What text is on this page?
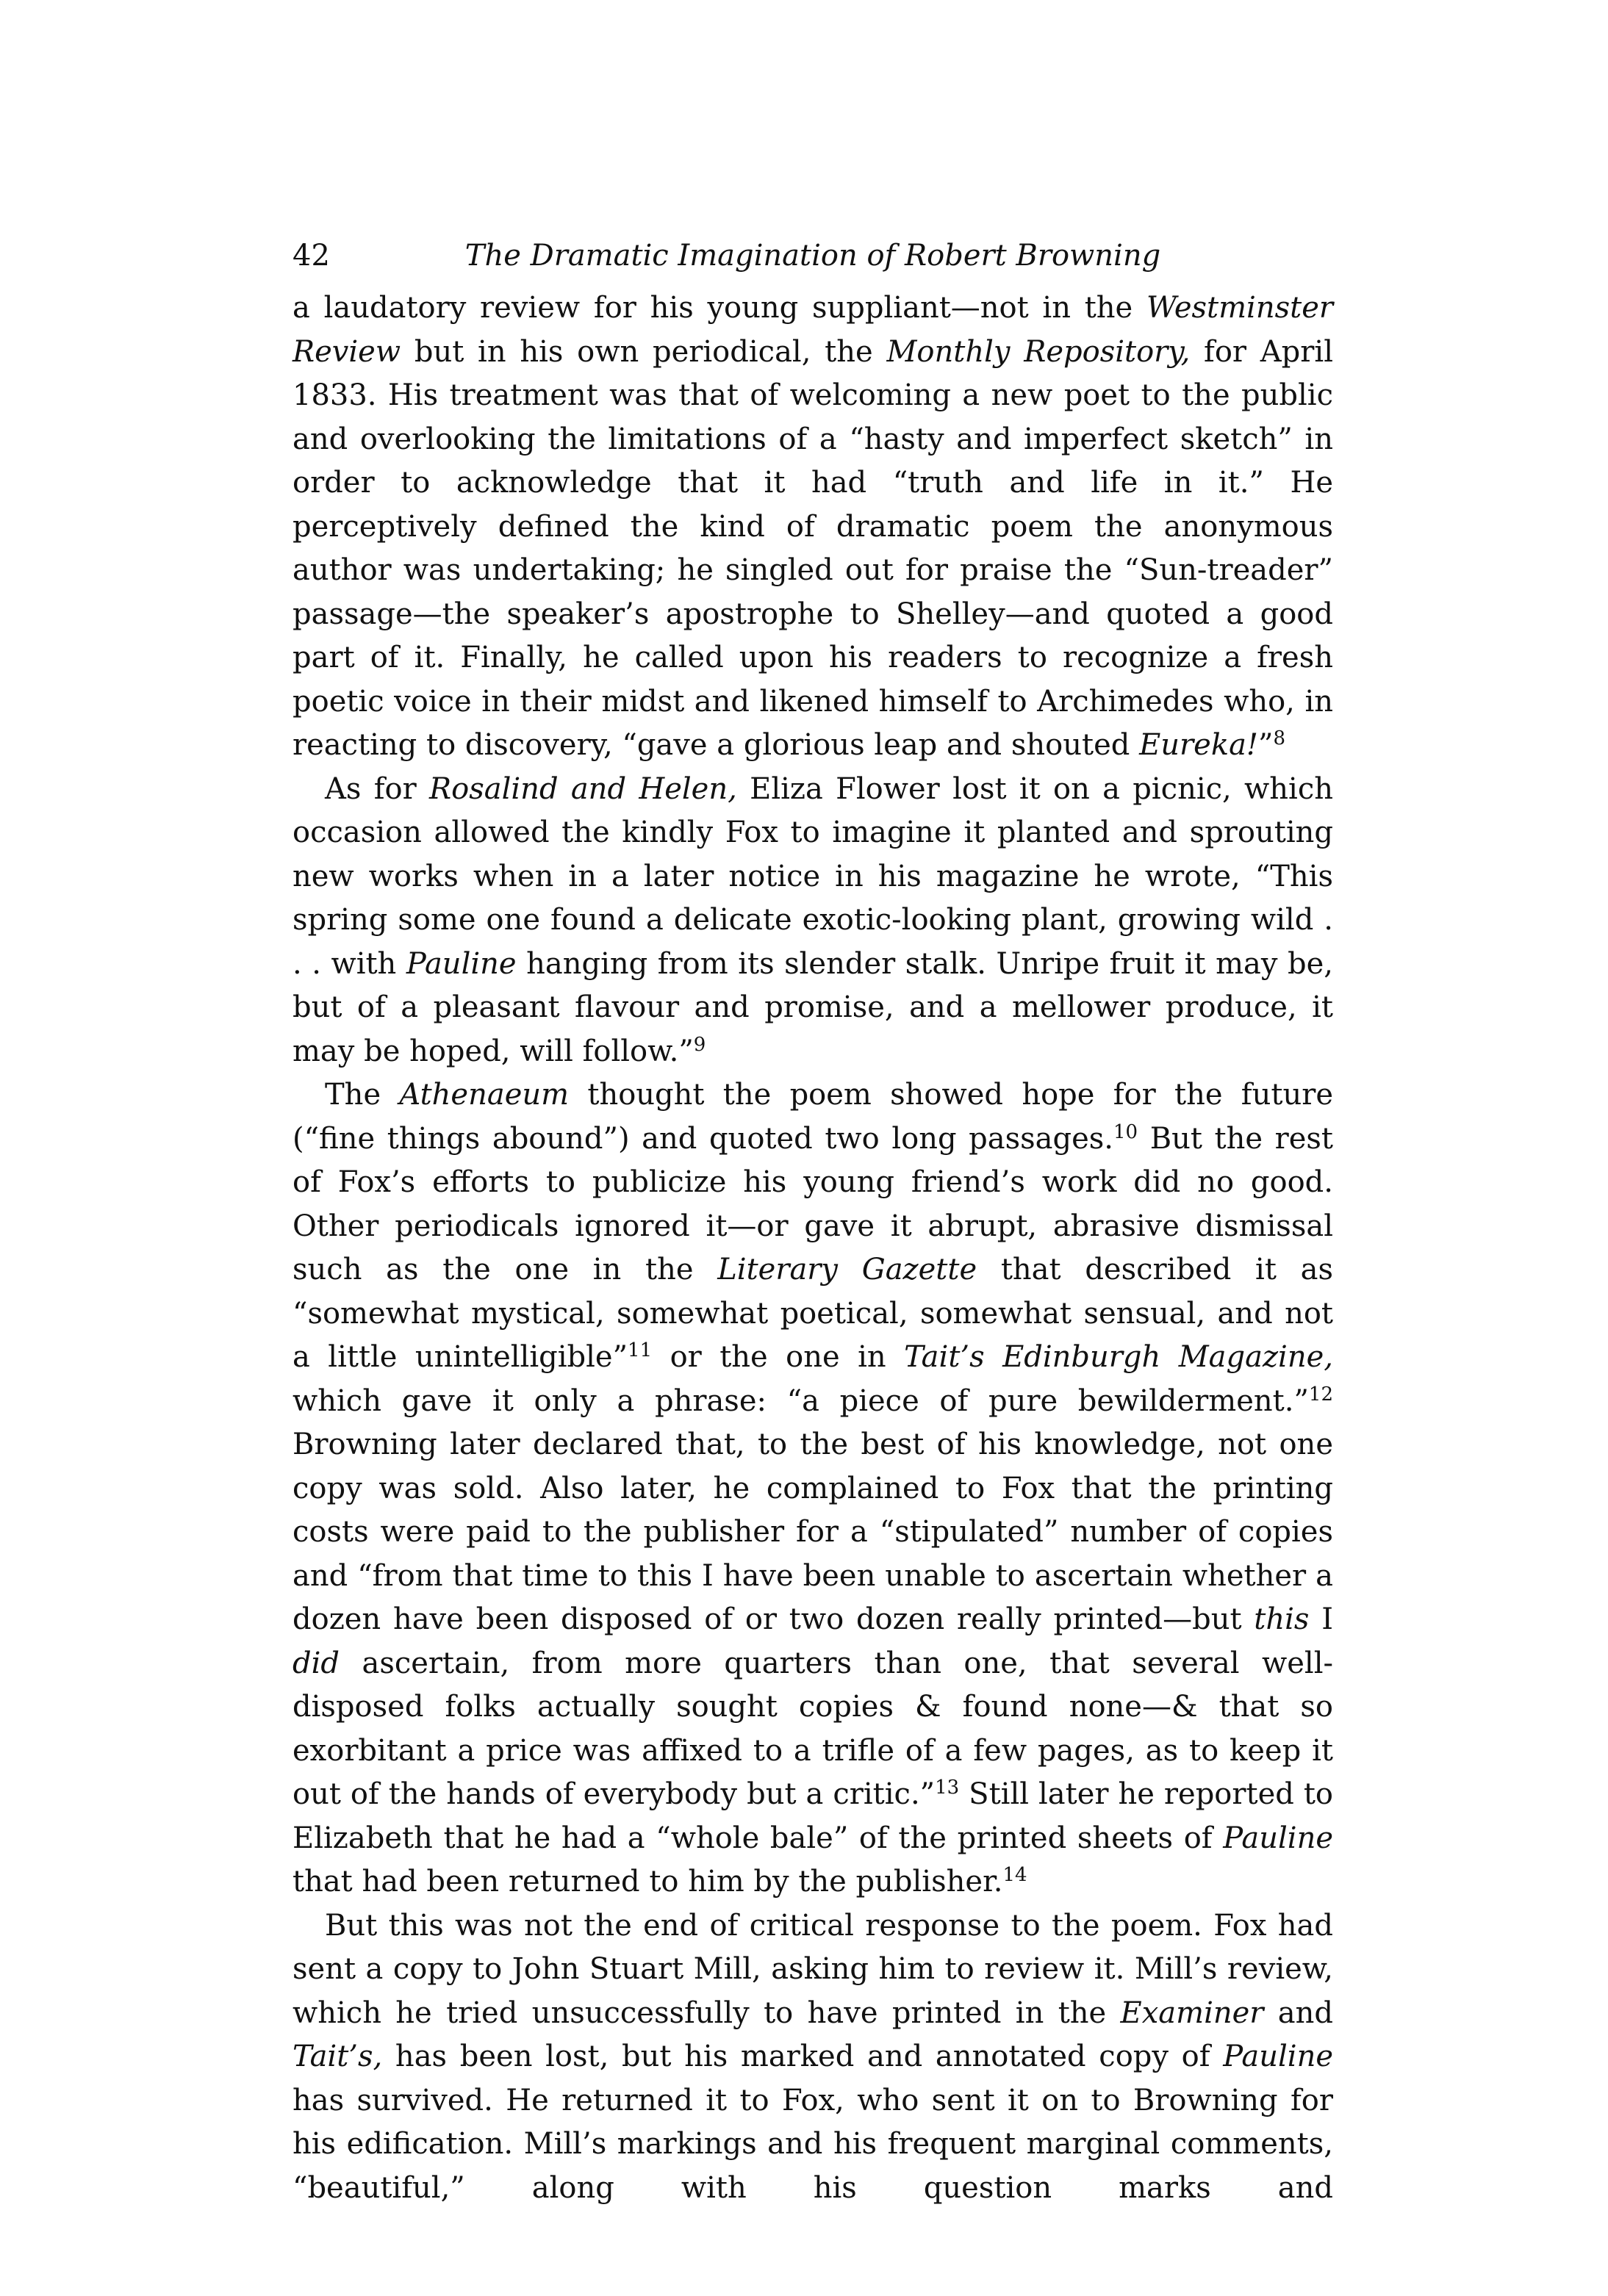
42	The Dramatic Imagination of Robert Browning

a laudatory review for his young suppliant—not in the Westminster Review but in his own periodical, the Monthly Repository, for April 1833. His treatment was that of welcoming a new poet to the public and overlooking the limitations of a “hasty and imperfect sketch” in order to acknowledge that it had “truth and life in it.” He perceptively defined the kind of dramatic poem the anonymous author was undertaking; he singled out for praise the “Sun-treader” passage—the speaker’s apostrophe to Shelley—and quoted a good part of it. Finally, he called upon his readers to recognize a fresh poetic voice in their midst and likened himself to Archimedes who, in reacting to discovery, “gave a glorious leap and shouted Eureka!”$^8$

As for Rosalind and Helen, Eliza Flower lost it on a picnic, which occasion allowed the kindly Fox to imagine it planted and sprouting new works when in a later notice in his magazine he wrote, “This spring some one found a delicate exotic-looking plant, growing wild . . . with Pauline hanging from its slender stalk. Unripe fruit it may be, but of a pleasant flavour and promise, and a mellower produce, it may be hoped, will follow.”$^9$

The Athenaeum thought the poem showed hope for the future (“fine things abound”) and quoted two long passages.$^{10}$ But the rest of Fox’s efforts to publicize his young friend’s work did no good. Other periodicals ignored it—or gave it abrupt, abrasive dismissal such as the one in the Literary Gazette that described it as “somewhat mystical, somewhat poetical, somewhat sensual, and not a little unintelligible”$^{11}$ or the one in Tait’s Edinburgh Magazine, which gave it only a phrase: “a piece of pure bewilderment.”$^{12}$ Browning later declared that, to the best of his knowledge, not one copy was sold. Also later, he complained to Fox that the printing costs were paid to the publisher for a “stipulated” number of copies and “from that time to this I have been unable to ascertain whether a dozen have been disposed of or two dozen really printed—but this I did ascertain, from more quarters than one, that several well-disposed folks actually sought copies & found none—& that so exorbitant a price was affixed to a trifle of a few pages, as to keep it out of the hands of everybody but a critic.”$^{13}$ Still later he reported to Elizabeth that he had a “whole bale” of the printed sheets of Pauline that had been returned to him by the publisher.$^{14}$

But this was not the end of critical response to the poem. Fox had sent a copy to John Stuart Mill, asking him to review it. Mill’s review, which he tried unsuccessfully to have printed in the Examiner and Tait’s, has been lost, but his marked and annotated copy of Pauline has survived. He returned it to Fox, who sent it on to Browning for his edification. Mill’s markings and his frequent marginal comments, “beautiful,” along with his question marks and
